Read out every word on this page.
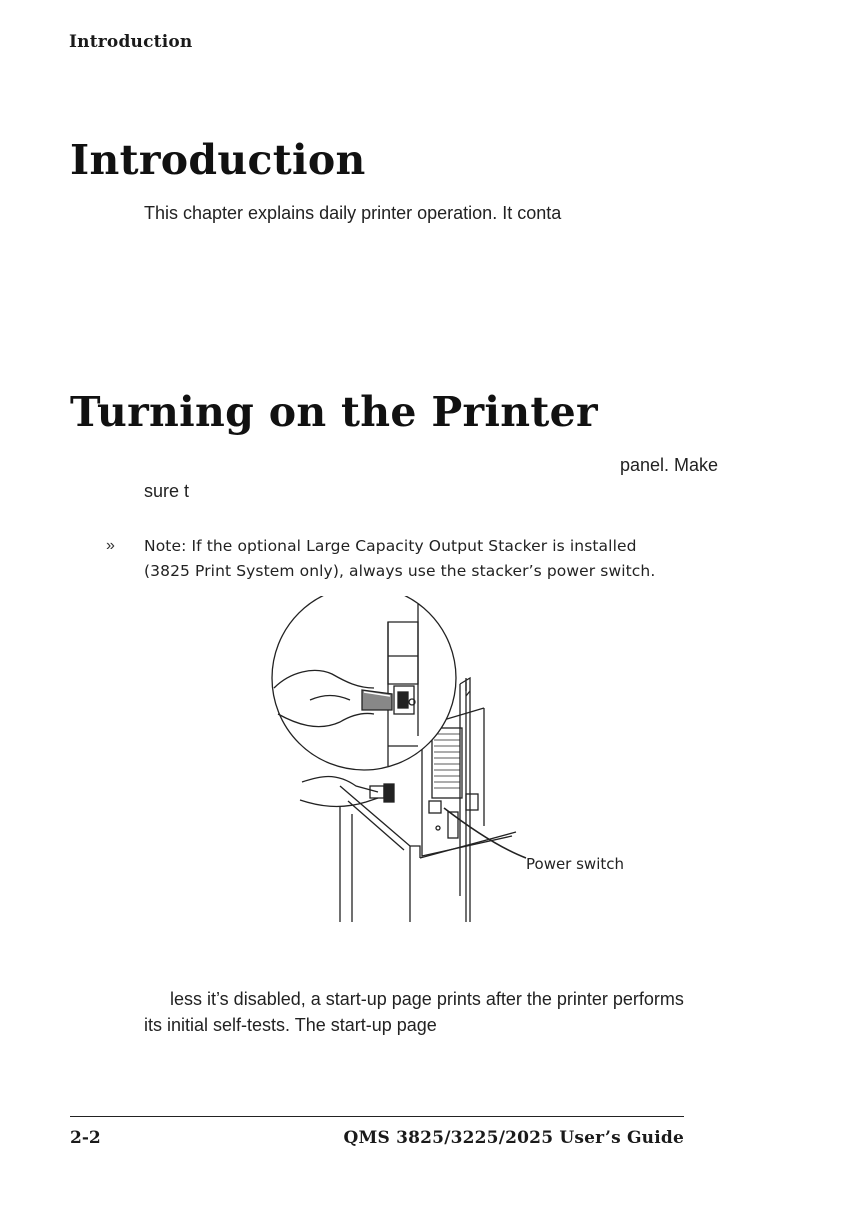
Introduction
Introduction

This chapter explains daily printer operation. It conta

Turning on the Printer

panel. Make

sure t

» Note: If the optional Large Capacity Output Stacker is installed
(3825 Print System only), always use the stacker’s power switch.
Power switch

less it’s disabled, a start-up page prints after the printer performs

its initial self-tests. The start-up page

2-2	QMS 3825/3225/2025 User’s Guide
